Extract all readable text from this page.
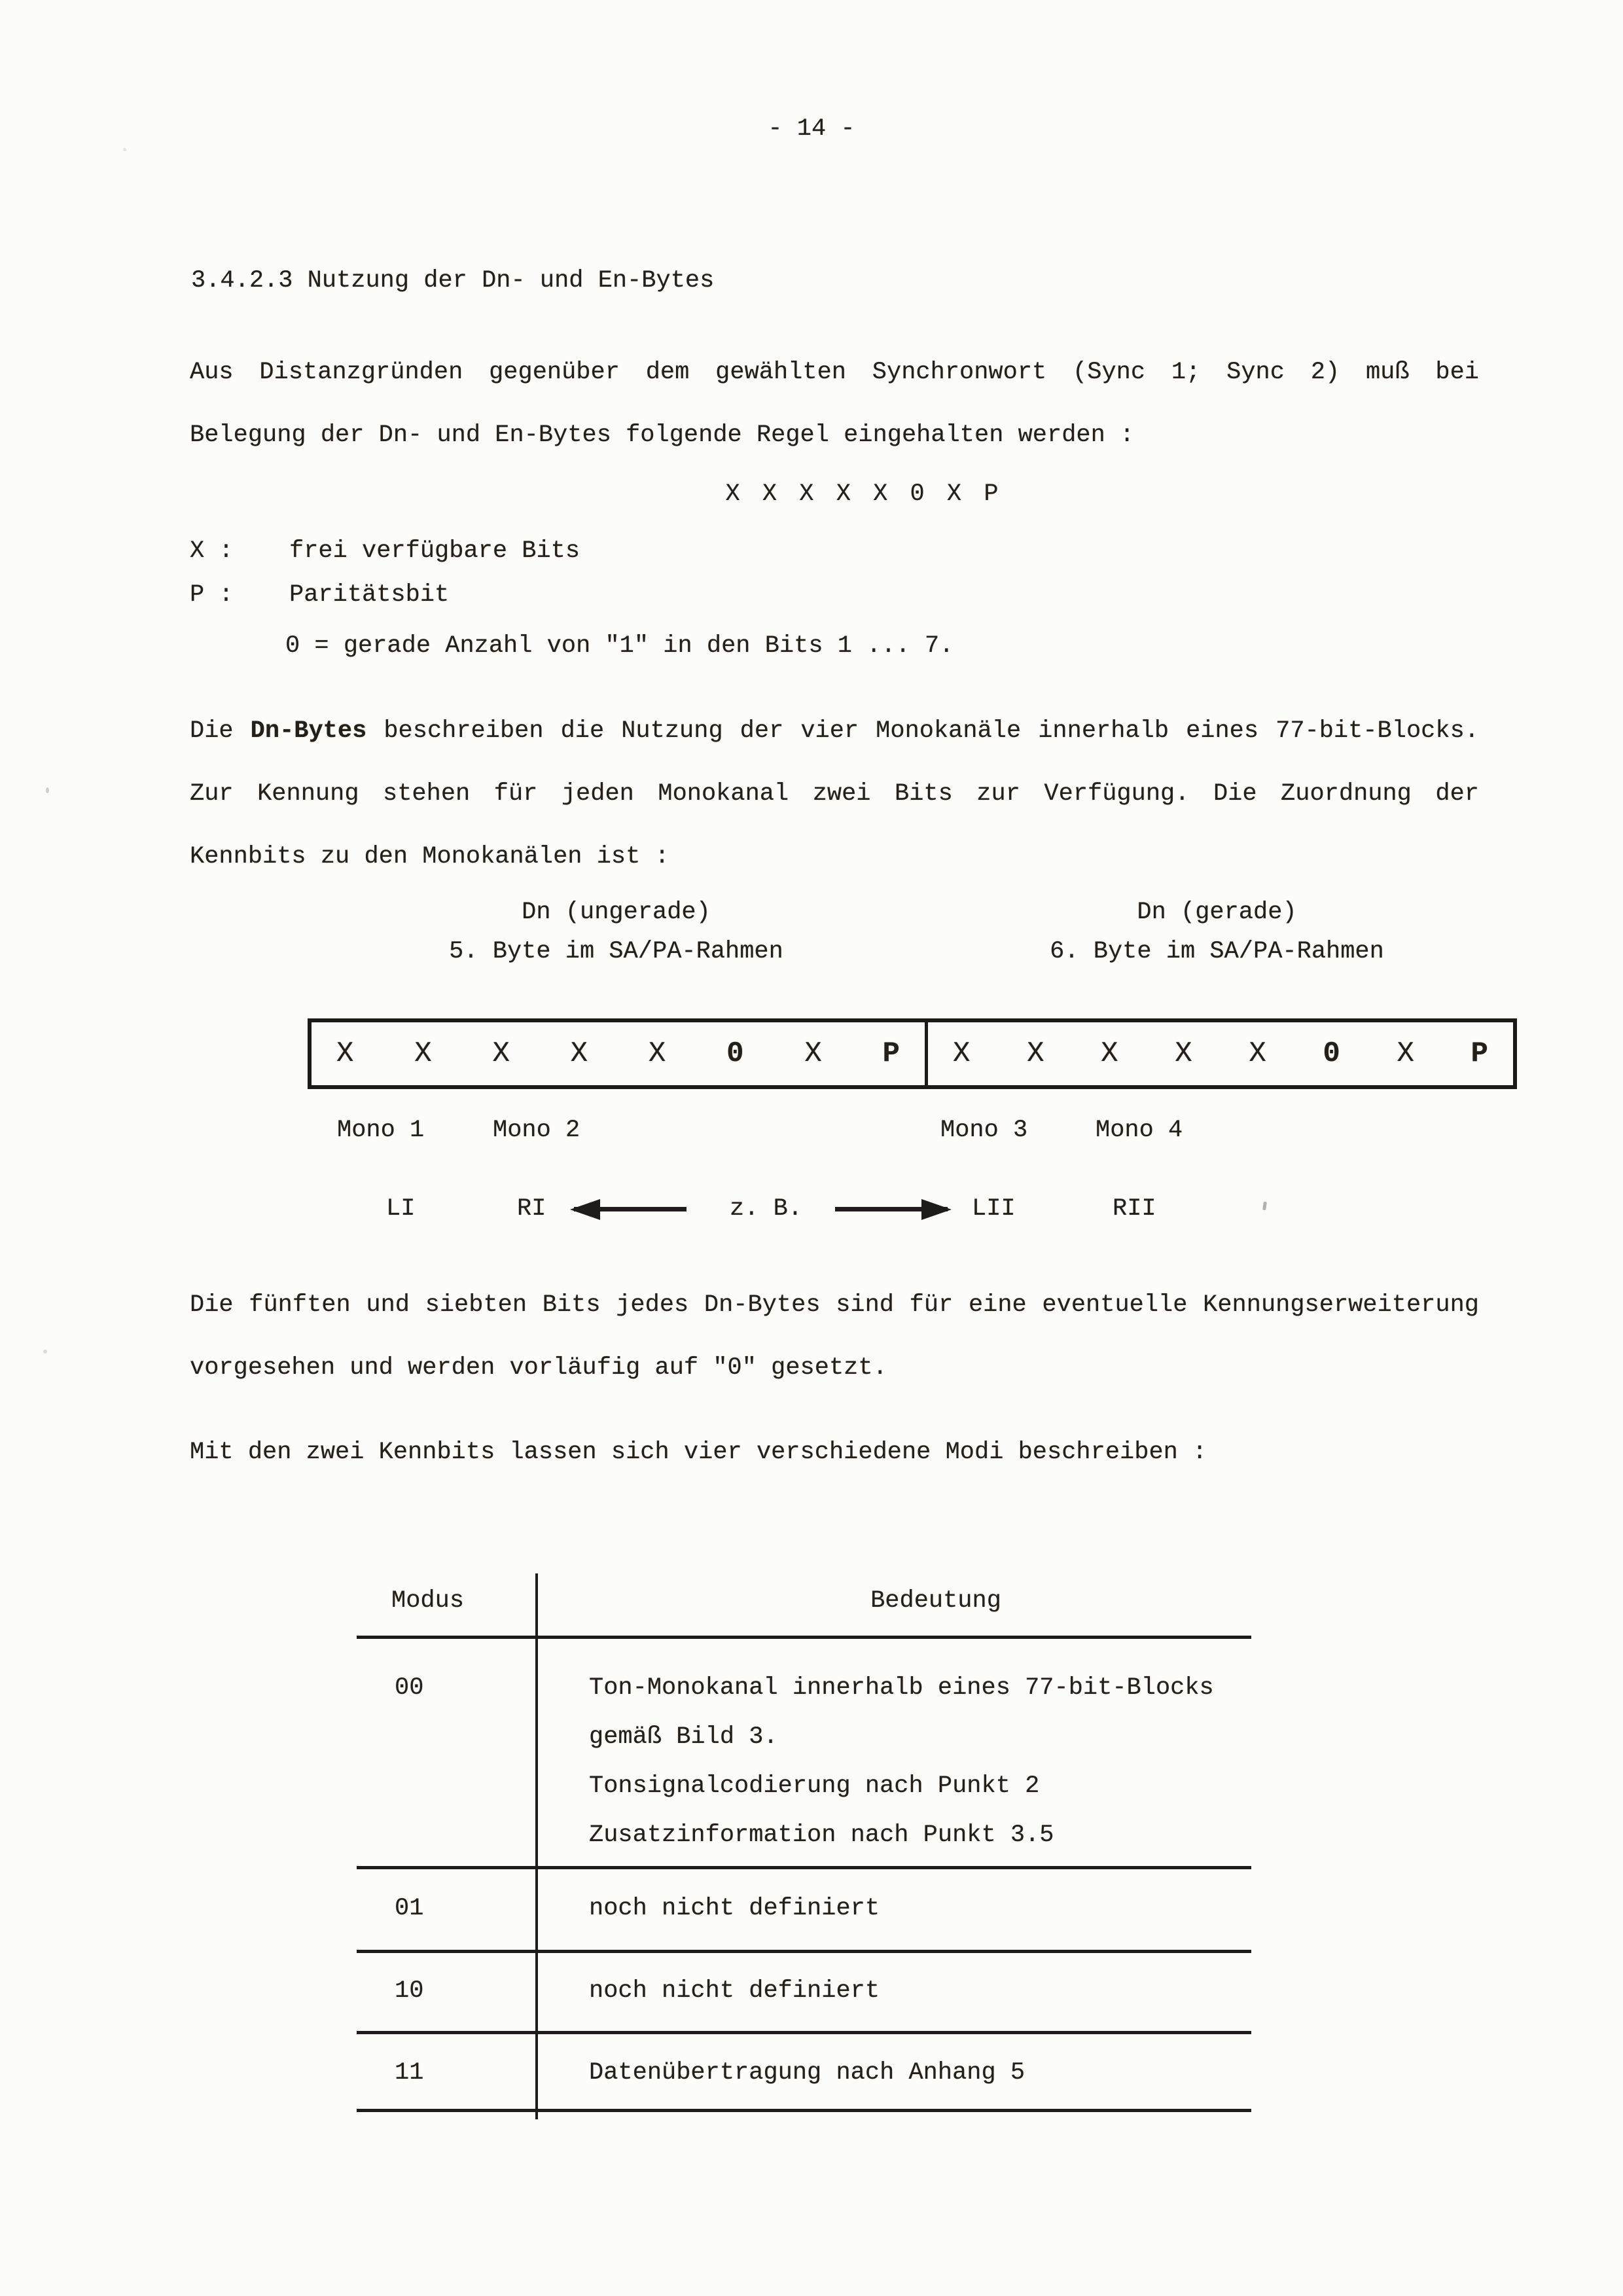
- 14 -
3.4.2.3 Nutzung der Dn- und En-Bytes
Aus Distanzgründen gegenüber dem gewählten Synchronwort (Sync 1; Sync 2) muß bei
Belegung der Dn- und En-Bytes folgende Regel eingehalten werden :
X X X X X 0 X P
X : frei verfügbare Bits
P : Paritätsbit
0 = gerade Anzahl von "1" in den Bits 1 ... 7.
Die Dn-Bytes beschreiben die Nutzung der vier Monokanäle innerhalb eines 77-bit-Blocks.
Zur Kennung stehen für jeden Monokanal zwei Bits zur Verfügung. Die Zuordnung der
Kennbits zu den Monokanälen ist :
Dn (ungerade)
5. Byte im SA/PA-Rahmen
Dn (gerade)
6. Byte im SA/PA-Rahmen
X X X X X 0 X P X X X X X 0 X P
Mono 1	Mono 2	Mono 3	Mono 4
LI	RI	z. B.	LII	RII
Die fünften und siebten Bits jedes Dn-Bytes sind für eine eventuelle Kennungserweiterung
vorgesehen und werden vorläufig auf "0" gesetzt.
Mit den zwei Kennbits lassen sich vier verschiedene Modi beschreiben :
Modus	Bedeutung
00	Ton-Monokanal innerhalb eines 77-bit-Blocks
gemäß Bild 3.
Tonsignalcodierung nach Punkt 2
Zusatzinformation nach Punkt 3.5
01	noch nicht definiert
10	noch nicht definiert
11	Datenübertragung nach Anhang 5
